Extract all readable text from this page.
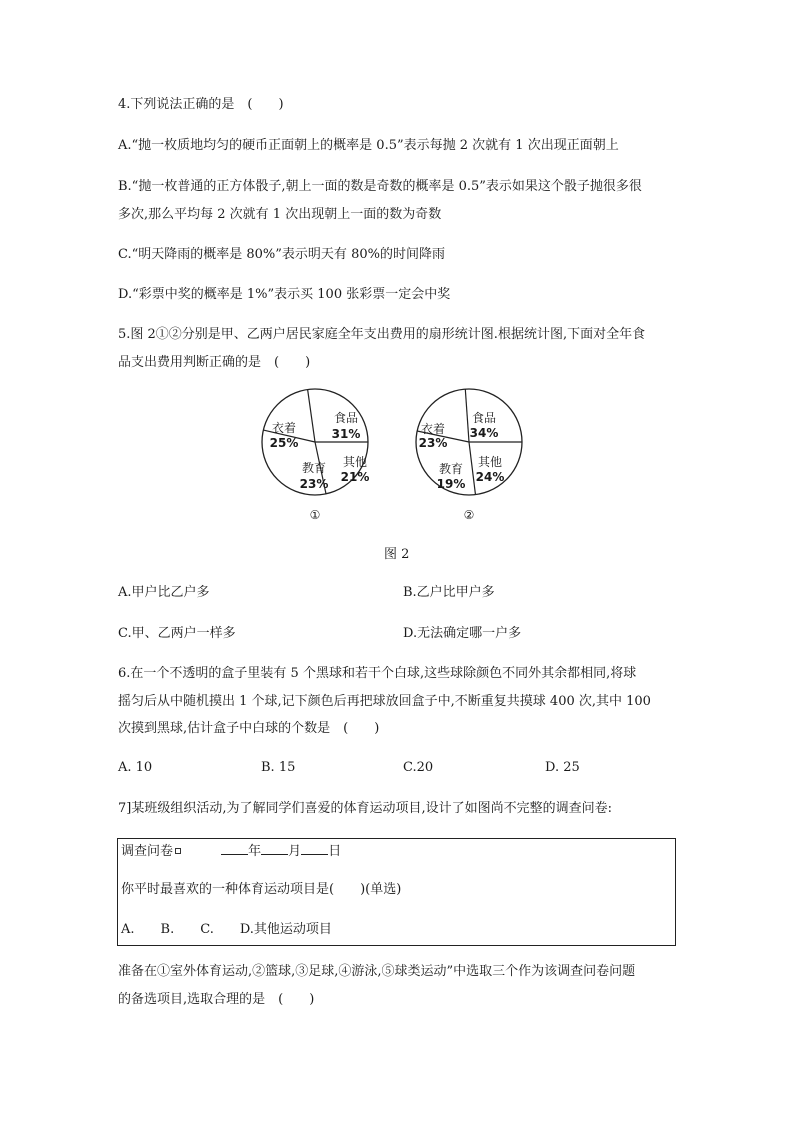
4.下列说法正确的是　(　　)
A.“抛一枚质地均匀的硬币正面朝上的概率是 0.5”表示每抛 2 次就有 1 次出现正面朝上
B.“抛一枚普通的正方体骰子,朝上一面的数是奇数的概率是 0.5”表示如果这个骰子抛很多很
多次,那么平均每 2 次就有 1 次出现朝上一面的数为奇数
C.“明天降雨的概率是 80%”表示明天有 80%的时间降雨
D.“彩票中奖的概率是 1%”表示买 100 张彩票一定会中奖
5.图 2①②分别是甲、乙两户居民家庭全年支出费用的扇形统计图.根据统计图,下面对全年食
品支出费用判断正确的是　(　　)
食品
31%
其他
21%
教育
23%
衣着
25%
①
食品
34%
其他
24%
教育
19%
衣着
23%
②
图 2
A.甲户比乙户多	B.乙户比甲户多
C.甲、乙两户一样多	D.无法确定哪一户多
6.在一个不透明的盒子里装有 5 个黑球和若干个白球,这些球除颜色不同外其余都相同,将球
摇匀后从中随机摸出 1 个球,记下颜色后再把球放回盒子中,不断重复共摸球 400 次,其中 100
次摸到黑球,估计盒子中白球的个数是　(　　)
A. 10	B. 15	C.20	D. 25
7]某班级组织活动,为了解同学们喜爱的体育运动项目,设计了如图尚不完整的调查问卷:
调查问卷	年 月 日
你平时最喜欢的一种体育运动项目是(　　)(单选)
A. B. C. D.其他运动项目
准备在①室外体育运动,②篮球,③足球,④游泳,⑤球类运动”中选取三个作为该调查问卷问题
的备选项目,选取合理的是　(　　)
